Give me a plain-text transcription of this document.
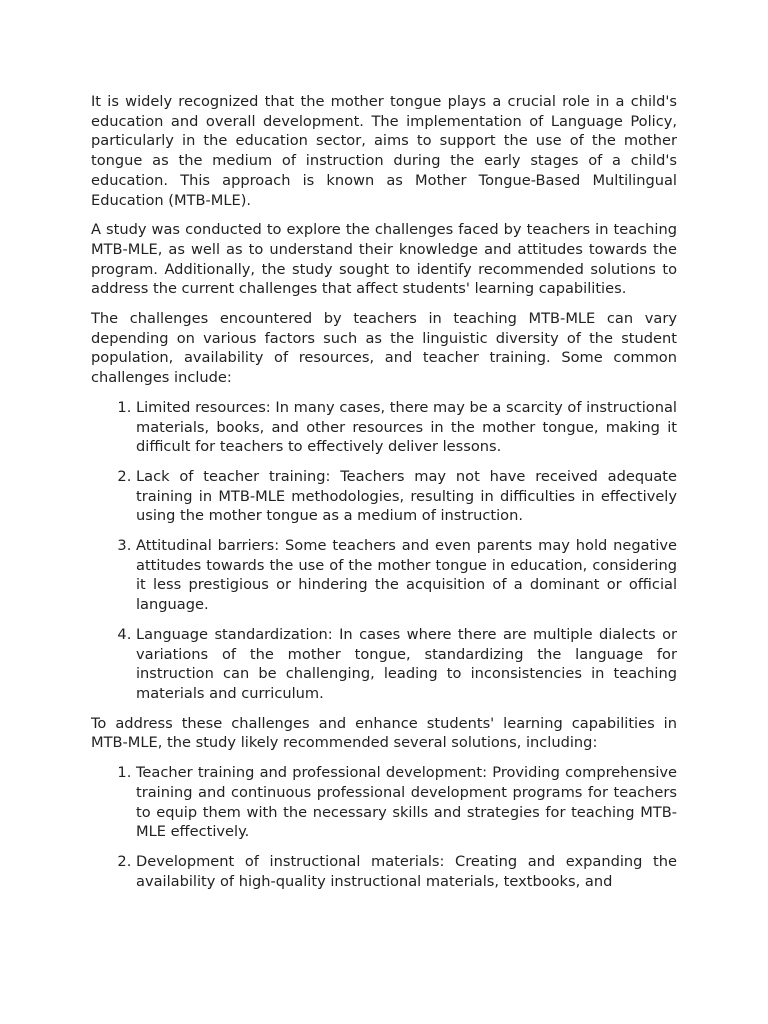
It is widely recognized that the mother tongue plays a crucial role in a child's education and overall development. The implementation of Language Policy, particularly in the education sector, aims to support the use of the mother tongue as the medium of instruction during the early stages of a child's education. This approach is known as Mother Tongue-Based Multilingual Education (MTB-MLE).

A study was conducted to explore the challenges faced by teachers in teaching MTB-MLE, as well as to understand their knowledge and attitudes towards the program. Additionally, the study sought to identify recommended solutions to address the current challenges that affect students' learning capabilities.

The challenges encountered by teachers in teaching MTB-MLE can vary depending on various factors such as the linguistic diversity of the student population, availability of resources, and teacher training. Some common challenges include:

1. Limited resources: In many cases, there may be a scarcity of instructional materials, books, and other resources in the mother tongue, making it difficult for teachers to effectively deliver lessons.
2. Lack of teacher training: Teachers may not have received adequate training in MTB-MLE methodologies, resulting in difficulties in effectively using the mother tongue as a medium of instruction.
3. Attitudinal barriers: Some teachers and even parents may hold negative attitudes towards the use of the mother tongue in education, considering it less prestigious or hindering the acquisition of a dominant or official language.
4. Language standardization: In cases where there are multiple dialects or variations of the mother tongue, standardizing the language for instruction can be challenging, leading to inconsistencies in teaching materials and curriculum.

To address these challenges and enhance students' learning capabilities in MTB-MLE, the study likely recommended several solutions, including:

1. Teacher training and professional development: Providing comprehensive training and continuous professional development programs for teachers to equip them with the necessary skills and strategies for teaching MTB-MLE effectively.
2. Development of instructional materials: Creating and expanding the availability of high-quality instructional materials, textbooks, and
